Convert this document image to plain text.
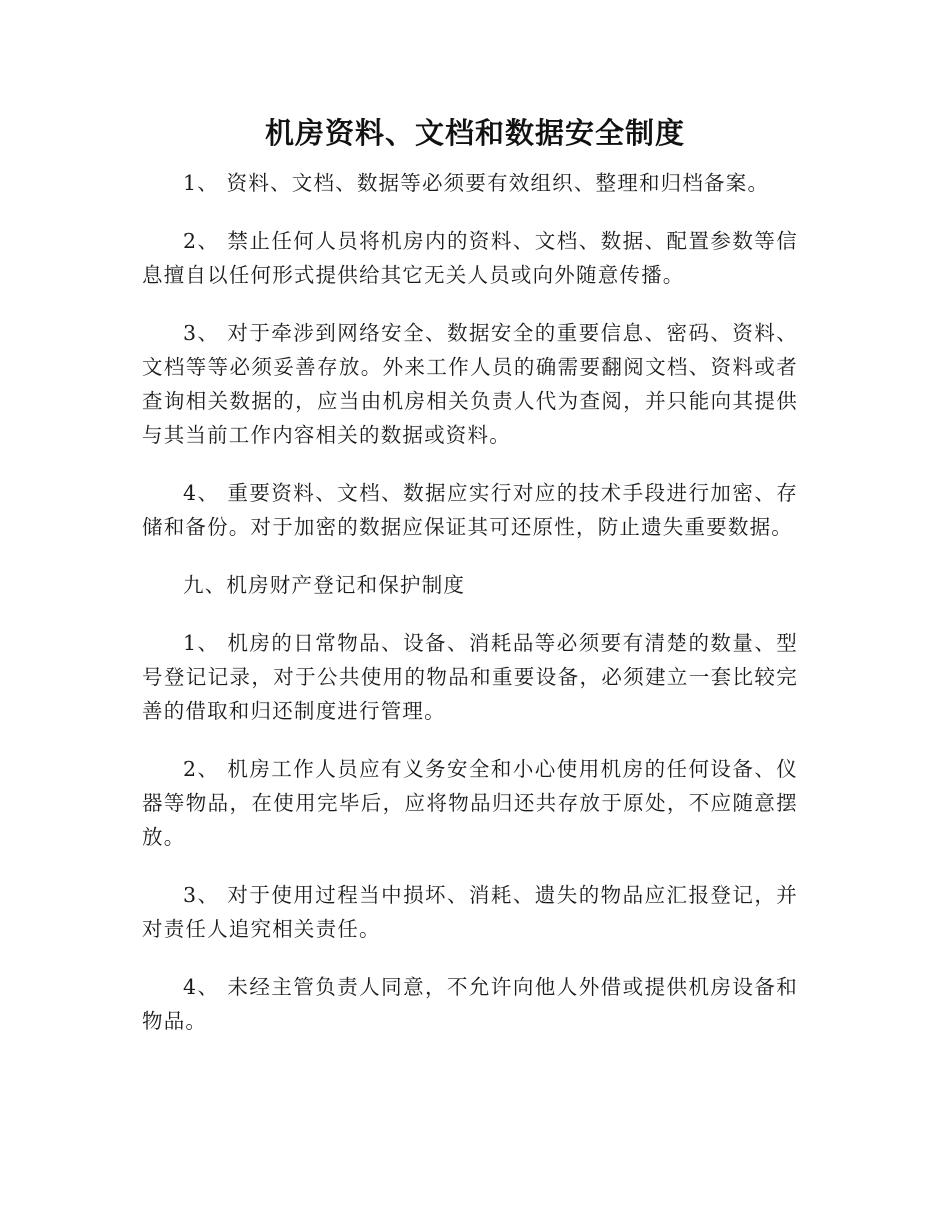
机房资料、文档和数据安全制度

1、 资料、文档、数据等必须要有效组织、整理和归档备案。

2、 禁止任何人员将机房内的资料、文档、数据、配置参数等信息擅自以任何形式提供给其它无关人员或向外随意传播。

3、 对于牵涉到网络安全、数据安全的重要信息、密码、资料、文档等等必须妥善存放。外来工作人员的确需要翻阅文档、资料或者查询相关数据的，应当由机房相关负责人代为查阅，并只能向其提供与其当前工作内容相关的数据或资料。

4、 重要资料、文档、数据应实行对应的技术手段进行加密、存储和备份。对于加密的数据应保证其可还原性，防止遗失重要数据。

九、机房财产登记和保护制度

1、 机房的日常物品、设备、消耗品等必须要有清楚的数量、型号登记记录，对于公共使用的物品和重要设备，必须建立一套比较完善的借取和归还制度进行管理。

2、 机房工作人员应有义务安全和小心使用机房的任何设备、仪器等物品，在使用完毕后，应将物品归还共存放于原处，不应随意摆放。

3、 对于使用过程当中损坏、消耗、遗失的物品应汇报登记，并对责任人追究相关责任。

4、 未经主管负责人同意，不允许向他人外借或提供机房设备和物品。
